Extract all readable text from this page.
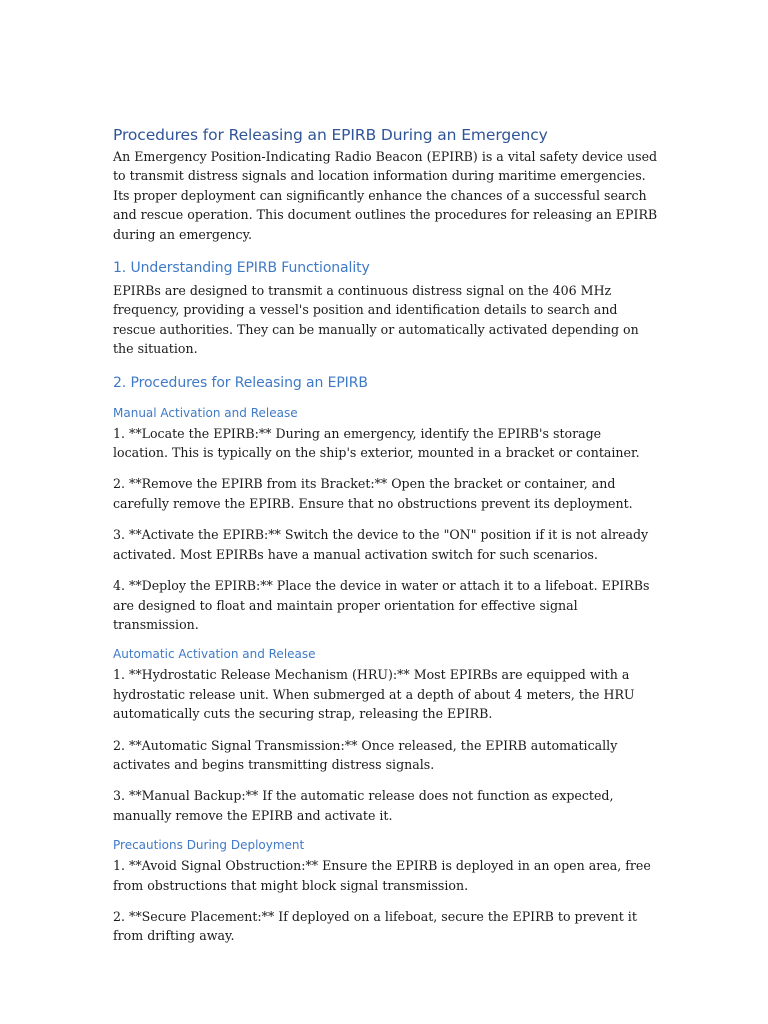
Procedures for Releasing an EPIRB During an Emergency

An Emergency Position-Indicating Radio Beacon (EPIRB) is a vital safety device used to transmit distress signals and location information during maritime emergencies. Its proper deployment can significantly enhance the chances of a successful search and rescue operation. This document outlines the procedures for releasing an EPIRB during an emergency.

1. Understanding EPIRB Functionality

EPIRBs are designed to transmit a continuous distress signal on the 406 MHz frequency, providing a vessel's position and identification details to search and rescue authorities. They can be manually or automatically activated depending on the situation.

2. Procedures for Releasing an EPIRB
Manual Activation and Release

1. **Locate the EPIRB:** During an emergency, identify the EPIRB's storage location. This is typically on the ship's exterior, mounted in a bracket or container.

2. **Remove the EPIRB from its Bracket:** Open the bracket or container, and carefully remove the EPIRB. Ensure that no obstructions prevent its deployment.

3. **Activate the EPIRB:** Switch the device to the "ON" position if it is not already activated. Most EPIRBs have a manual activation switch for such scenarios.

4. **Deploy the EPIRB:** Place the device in water or attach it to a lifeboat. EPIRBs are designed to float and maintain proper orientation for effective signal transmission.

Automatic Activation and Release

1. **Hydrostatic Release Mechanism (HRU):** Most EPIRBs are equipped with a hydrostatic release unit. When submerged at a depth of about 4 meters, the HRU automatically cuts the securing strap, releasing the EPIRB.

2. **Automatic Signal Transmission:** Once released, the EPIRB automatically activates and begins transmitting distress signals.

3. **Manual Backup:** If the automatic release does not function as expected, manually remove the EPIRB and activate it.

Precautions During Deployment

1. **Avoid Signal Obstruction:** Ensure the EPIRB is deployed in an open area, free from obstructions that might block signal transmission.

2. **Secure Placement:** If deployed on a lifeboat, secure the EPIRB to prevent it from drifting away.
